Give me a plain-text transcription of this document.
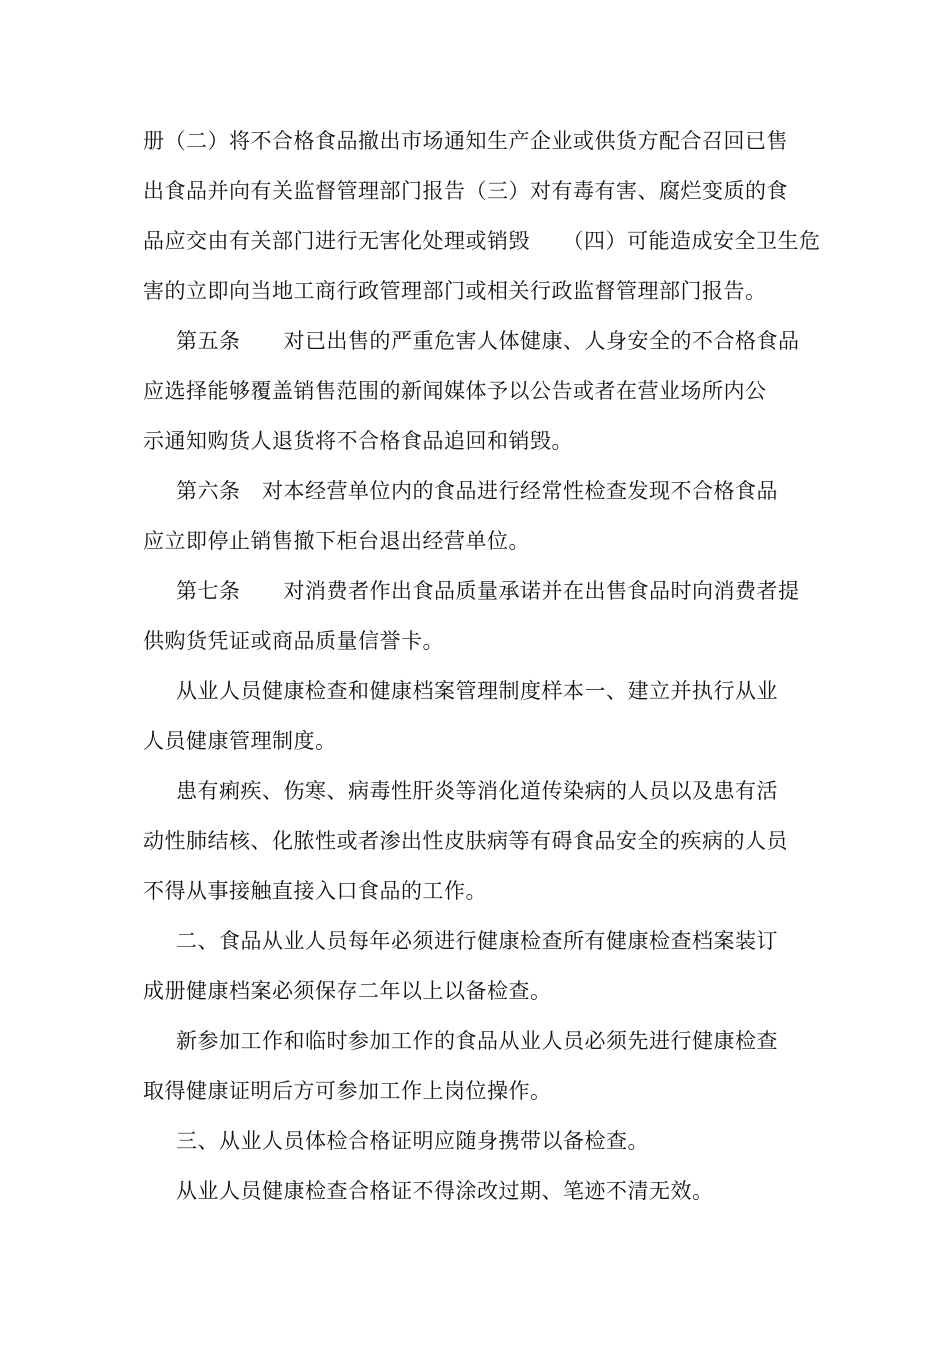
册（二）将不合格食品撤出市场通知生产企业或供货方配合召回已售
出食品并向有关监督管理部门报告（三）对有毒有害、腐烂变质的食
品应交由有关部门进行无害化处理或销毁　　（四）可能造成安全卫生危
害的立即向当地工商行政管理部门或相关行政监督管理部门报告。
第五条　　对已出售的严重危害人体健康、人身安全的不合格食品
应选择能够覆盖销售范围的新闻媒体予以公告或者在营业场所内公
示通知购货人退货将不合格食品追回和销毁。
第六条　对本经营单位内的食品进行经常性检查发现不合格食品
应立即停止销售撤下柜台退出经营单位。
第七条　　对消费者作出食品质量承诺并在出售食品时向消费者提
供购货凭证或商品质量信誉卡。
从业人员健康检查和健康档案管理制度样本一、建立并执行从业
人员健康管理制度。
患有痢疾、伤寒、病毒性肝炎等消化道传染病的人员以及患有活
动性肺结核、化脓性或者渗出性皮肤病等有碍食品安全的疾病的人员
不得从事接触直接入口食品的工作。
二、食品从业人员每年必须进行健康检查所有健康检查档案装订
成册健康档案必须保存二年以上以备检查。
新参加工作和临时参加工作的食品从业人员必须先进行健康检查
取得健康证明后方可参加工作上岗位操作。
三、从业人员体检合格证明应随身携带以备检查。
从业人员健康检查合格证不得涂改过期、笔迹不清无效。
